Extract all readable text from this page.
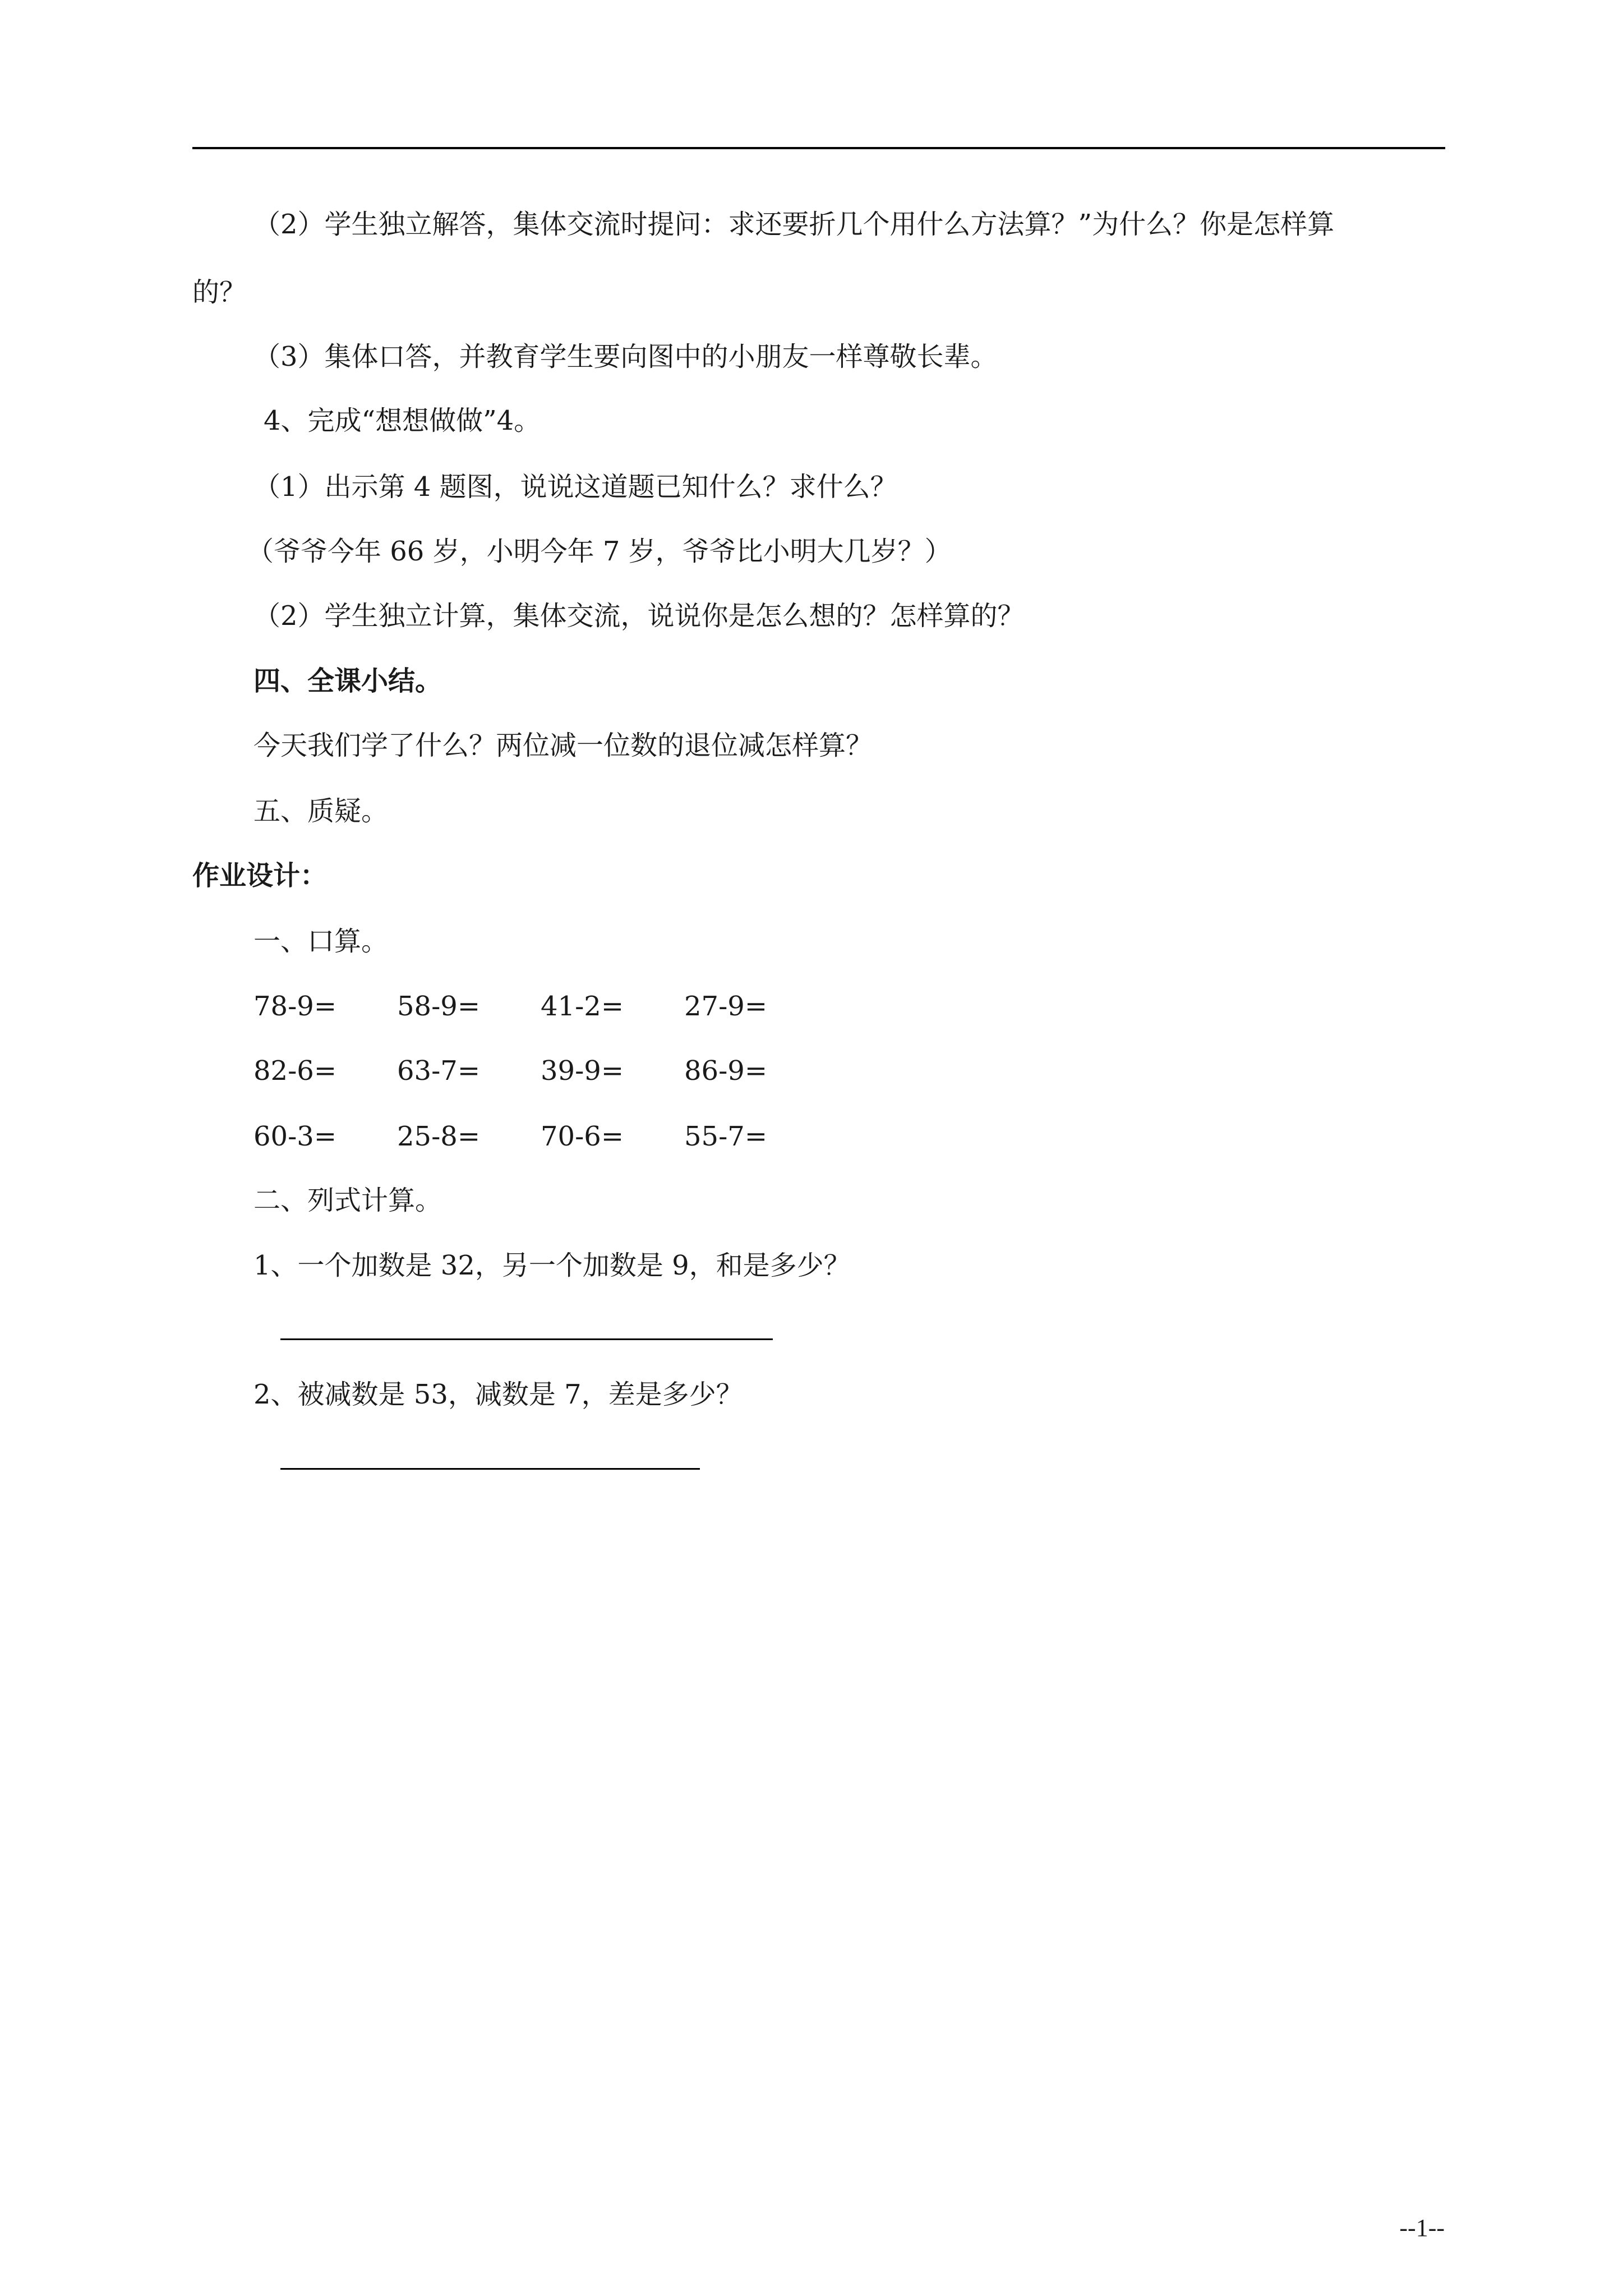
（2）学生独立解答，集体交流时提问：求还要折几个用什么方法算？”为什么？你是怎样算
的？
（3）集体口答，并教育学生要向图中的小朋友一样尊敬长辈。
4、完成“想想做做”4。
（1）出示第 4 题图，说说这道题已知什么？求什么？
（爷爷今年 66 岁，小明今年 7 岁，爷爷比小明大几岁？）
（2）学生独立计算，集体交流，说说你是怎么想的？怎样算的？
四、全课小结。
今天我们学了什么？两位减一位数的退位减怎样算？
五、质疑。
作业设计：
一、口算。
78-9= 58-9= 41-2= 27-9=
82-6= 63-7= 39-9= 86-9=
60-3= 25-8= 70-6= 55-7=
二、列式计算。
1、一个加数是 32，另一个加数是 9，和是多少？
2、被减数是 53，减数是 7，差是多少？
--1--
